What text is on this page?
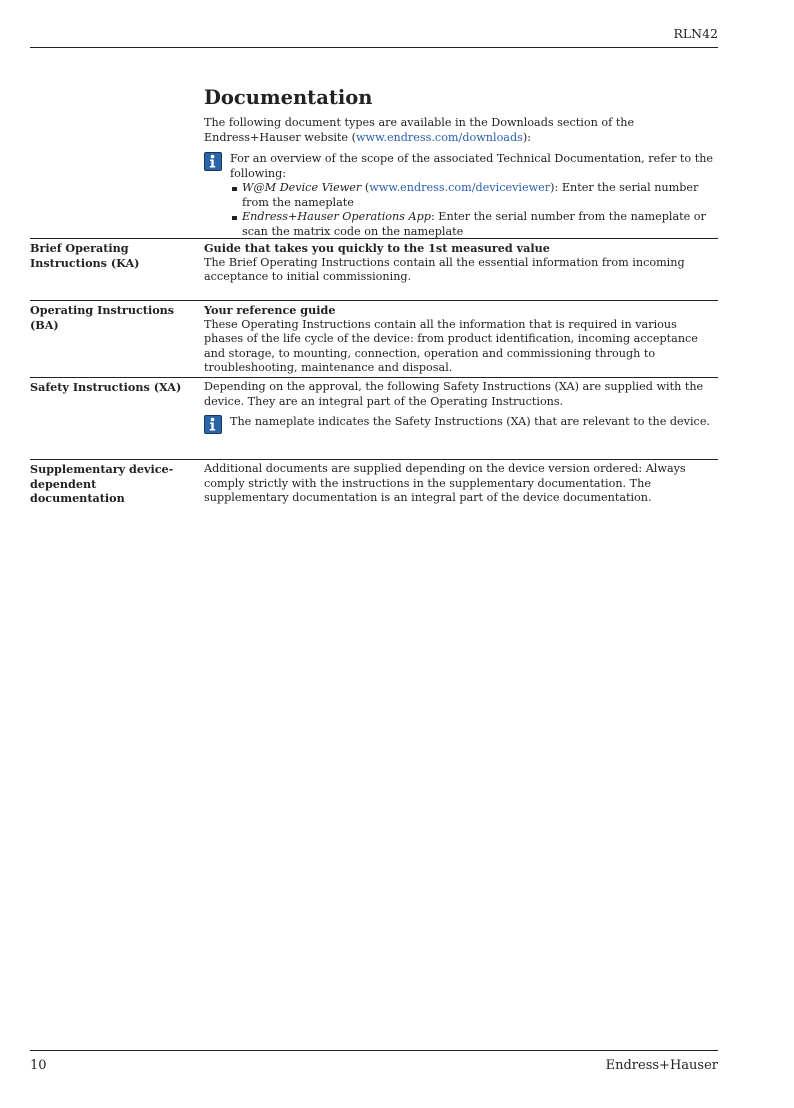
RLN42
Documentation
The following document types are available in the Downloads section of the Endress+Hauser website (www.endress.com/downloads):
For an overview of the scope of the associated Technical Documentation, refer to the following:
W@M Device Viewer (www.endress.com/deviceviewer): Enter the serial number from the nameplate
Endress+Hauser Operations App: Enter the serial number from the nameplate or scan the matrix code on the nameplate
Brief Operating Instructions (KA)
Guide that takes you quickly to the 1st measured value
The Brief Operating Instructions contain all the essential information from incoming acceptance to initial commissioning.
Operating Instructions (BA)
Your reference guide
These Operating Instructions contain all the information that is required in various phases of the life cycle of the device: from product identification, incoming acceptance and storage, to mounting, connection, operation and commissioning through to troubleshooting, maintenance and disposal.
Safety Instructions (XA)	Depending on the approval, the following Safety Instructions (XA) are supplied with the device. They are an integral part of the Operating Instructions.
The nameplate indicates the Safety Instructions (XA) that are relevant to the device.
Supplementary device-dependent documentation
Additional documents are supplied depending on the device version ordered: Always comply strictly with the instructions in the supplementary documentation. The supplementary documentation is an integral part of the device documentation.
10	Endress+Hauser
